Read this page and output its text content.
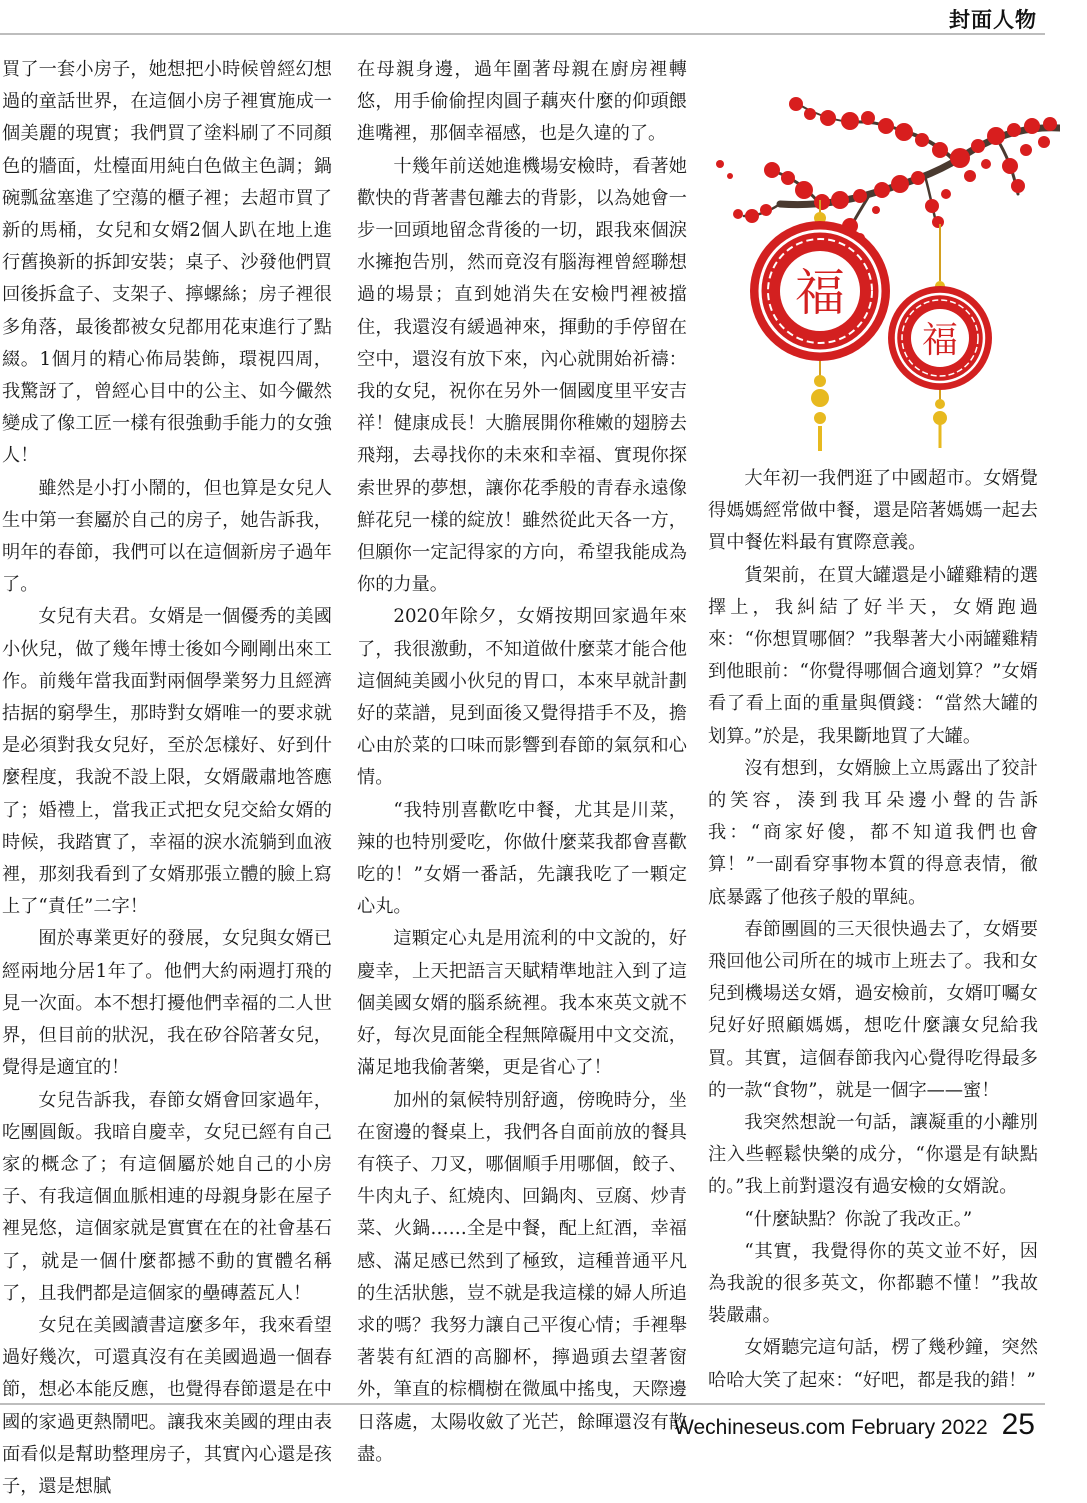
封面人物

買了一套小房子，她想把小時候曾經幻想過的童話世界，在這個小房子裡實施成一個美麗的現實；我們買了塗料刷了不同顏色的牆面，灶檯面用純白色做主色調；鍋碗瓢盆塞進了空蕩的櫃子裡；去超市買了新的馬桶，女兒和女婿2個人趴在地上進行舊換新的拆卸安裝；桌子、沙發他們買回後拆盒子、支架子、擰螺絲；房子裡很多角落，最後都被女兒都用花束進行了點綴。1個月的精心佈局裝飾，環視四周，我驚訝了，曾經心目中的公主、如今儼然變成了像工匠一樣有很強動手能力的女強人！

雖然是小打小鬧的，但也算是女兒人生中第一套屬於自己的房子，她告訴我，明年的春節，我們可以在這個新房子過年了。

女兒有夫君。女婿是一個優秀的美國小伙兒，做了幾年博士後如今剛剛出來工作。前幾年當我面對兩個學業努力且經濟拮据的窮學生，那時對女婿唯一的要求就是必須對我女兒好，至於怎樣好、好到什麼程度，我說不設上限，女婿嚴肅地答應了；婚禮上，當我正式把女兒交給女婿的時候，我踏實了，幸福的淚水流躺到血液裡，那刻我看到了女婿那張立體的臉上寫上了“責任”二字！

囿於專業更好的發展，女兒與女婿已經兩地分居1年了。他們大約兩週打飛的見一次面。本不想打擾他們幸福的二人世界，但目前的狀況，我在矽谷陪著女兒，覺得是適宜的！

女兒告訴我，春節女婿會回家過年，吃團圓飯。我暗自慶幸，女兒已經有自己家的概念了；有這個屬於她自己的小房子、有我這個血脈相連的母親身影在屋子裡晃悠，這個家就是實實在在的社會基石了，就是一個什麼都撼不動的實體名稱了，且我們都是這個家的壘磚蓋瓦人！

女兒在美國讀書這麼多年，我來看望過好幾次，可還真沒有在美國過過一個春節，想必本能反應，也覺得春節還是在中國的家過更熱鬧吧。讓我來美國的理由表面看似是幫助整理房子，其實內心還是孩子，還是想膩

在母親身邊，過年圍著母親在廚房裡轉悠，用手偷偷捏肉圓子藕夾什麼的仰頭餵進嘴裡，那個幸福感，也是久違的了。

十幾年前送她進機場安檢時，看著她歡快的背著書包離去的背影，以為她會一步一回頭地留念背後的一切，跟我來個淚水擁抱告別，然而竟沒有腦海裡曾經聯想過的場景；直到她消失在安檢門裡被擋住，我還沒有緩過神來，揮動的手停留在空中，還沒有放下來，內心就開始祈禱：我的女兒，祝你在另外一個國度里平安吉祥！健康成長！大膽展開你稚嫩的翅膀去飛翔，去尋找你的未來和幸福、實現你探索世界的夢想，讓你花季般的青春永遠像鮮花兒一樣的綻放！雖然從此天各一方，但願你一定記得家的方向，希望我能成為你的力量。

2020年除夕，女婿按期回家過年來了，我很激動，不知道做什麼菜才能合他這個純美國小伙兒的胃口，本來早就計劃好的菜譜，見到面後又覺得措手不及，擔心由於菜的口味而影響到春節的氣氛和心情。

“我特別喜歡吃中餐，尤其是川菜，辣的也特別愛吃，你做什麼菜我都會喜歡吃的！”女婿一番話，先讓我吃了一顆定心丸。

這顆定心丸是用流利的中文說的，好慶幸，上天把語言天賦精準地註入到了這個美國女婿的腦系統裡。我本來英文就不好，每次見面能全程無障礙用中文交流，滿足地我偷著樂，更是省心了！

加州的氣候特別舒適，傍晚時分，坐在窗邊的餐桌上，我們各自面前放的餐具有筷子、刀叉，哪個順手用哪個，餃子、牛肉丸子、紅燒肉、回鍋肉、豆腐、炒青菜、火鍋……全是中餐，配上紅酒，幸福感、滿足感已然到了極致，這種普通平凡的生活狀態，豈不就是我這樣的婦人所追求的嗎？我努力讓自己平復心情；手裡舉著裝有紅酒的高腳杯，擰過頭去望著窗外，筆直的棕櫚樹在微風中搖曳，天際邊日落處，太陽收斂了光芒，餘暉還沒有散盡。

福
福

大年初一我們逛了中國超市。女婿覺得媽媽經常做中餐，還是陪著媽媽一起去買中餐佐料最有實際意義。

貨架前，在買大罐還是小罐雞精的選擇上，我糾結了好半天，女婿跑過來：“你想買哪個？”我舉著大小兩罐雞精到他眼前：“你覺得哪個合適划算？”女婿看了看上面的重量與價錢：“當然大罐的划算。”於是，我果斷地買了大罐。

沒有想到，女婿臉上立馬露出了狡計的笑容，湊到我耳朵邊小聲的告訴我：“商家好傻，都不知道我們也會算！”一副看穿事物本質的得意表情，徹底暴露了他孩子般的單純。

春節團圓的三天很快過去了，女婿要飛回他公司所在的城市上班去了。我和女兒到機場送女婿，過安檢前，女婿叮囑女兒好好照顧媽媽，想吃什麼讓女兒給我買。其實，這個春節我內心覺得吃得最多的一款“食物”，就是一個字——蜜！

我突然想說一句話，讓凝重的小離別注入些輕鬆快樂的成分，“你還是有缺點的。”我上前對還沒有過安檢的女婿說。

“什麼缺點？你說了我改正。”

“其實，我覺得你的英文並不好，因為我說的很多英文，你都聽不懂！”我故裝嚴肅。

女婿聽完這句話，楞了幾秒鐘，突然哈哈大笑了起來：“好吧，都是我的錯！”

Wechineseus.com February 2022 25
